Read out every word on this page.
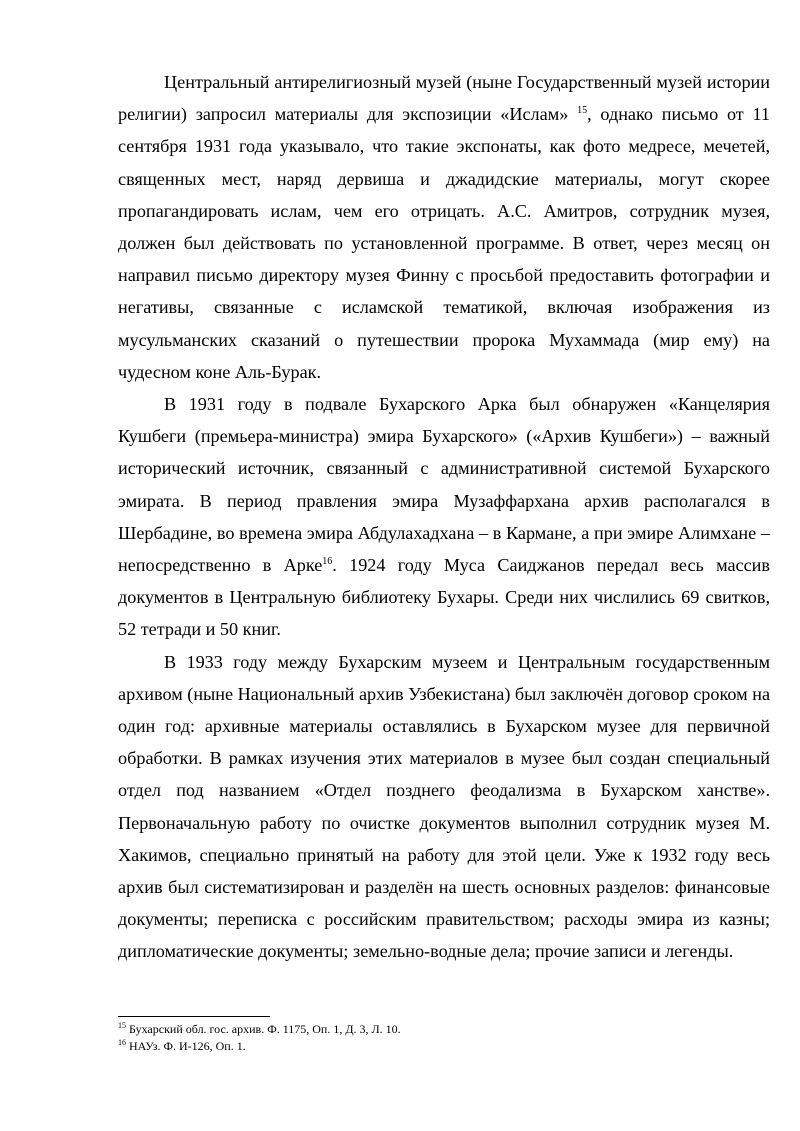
Центральный антирелигиозный музей (ныне Государственный музей истории религии) запросил материалы для экспозиции «Ислам» $^{15}$, однако письмо от 11 сентября 1931 года указывало, что такие экспонаты, как фото медресе, мечетей, священных мест, наряд дервиша и джадидские материалы, могут скорее пропагандировать ислам, чем его отрицать. А.С. Амитров, сотрудник музея, должен был действовать по установленной программе. В ответ, через месяц он направил письмо директору музея Финну с просьбой предоставить фотографии и негативы, связанные с исламской тематикой, включая изображения из мусульманских сказаний о путешествии пророка Мухаммада (мир ему) на чудесном коне Аль-Бурак.

В 1931 году в подвале Бухарского Арка был обнаружен «Канцелярия Кушбеги (премьера-министра) эмира Бухарского» («Архив Кушбеги») – важный исторический источник, связанный с административной системой Бухарского эмирата. В период правления эмира Музаффархана архив располагался в Шербадине, во времена эмира Абдулахадхана – в Кармане, а при эмире Алимхане – непосредственно в Арке$^{16}$. 1924 году Муса Саиджанов передал весь массив документов в Центральную библиотеку Бухары. Среди них числились 69 свитков, 52 тетради и 50 книг.

В 1933 году между Бухарским музеем и Центральным государственным архивом (ныне Национальный архив Узбекистана) был заключён договор сроком на один год: архивные материалы оставлялись в Бухарском музее для первичной обработки. В рамках изучения этих материалов в музее был создан специальный отдел под названием «Отдел позднего феодализма в Бухарском ханстве». Первоначальную работу по очистке документов выполнил сотрудник музея М. Хакимов, специально принятый на работу для этой цели. Уже к 1932 году весь архив был систематизирован и разделён на шесть основных разделов: финансовые документы; переписка с российским правительством; расходы эмира из казны; дипломатические документы; земельно-водные дела; прочие записи и легенды.

$^{15}$ Бухарский обл. гос. архив. Ф. 1175, Оп. 1, Д. 3, Л. 10.

$^{16}$ НАУз. Ф. И-126, Оп. 1.
